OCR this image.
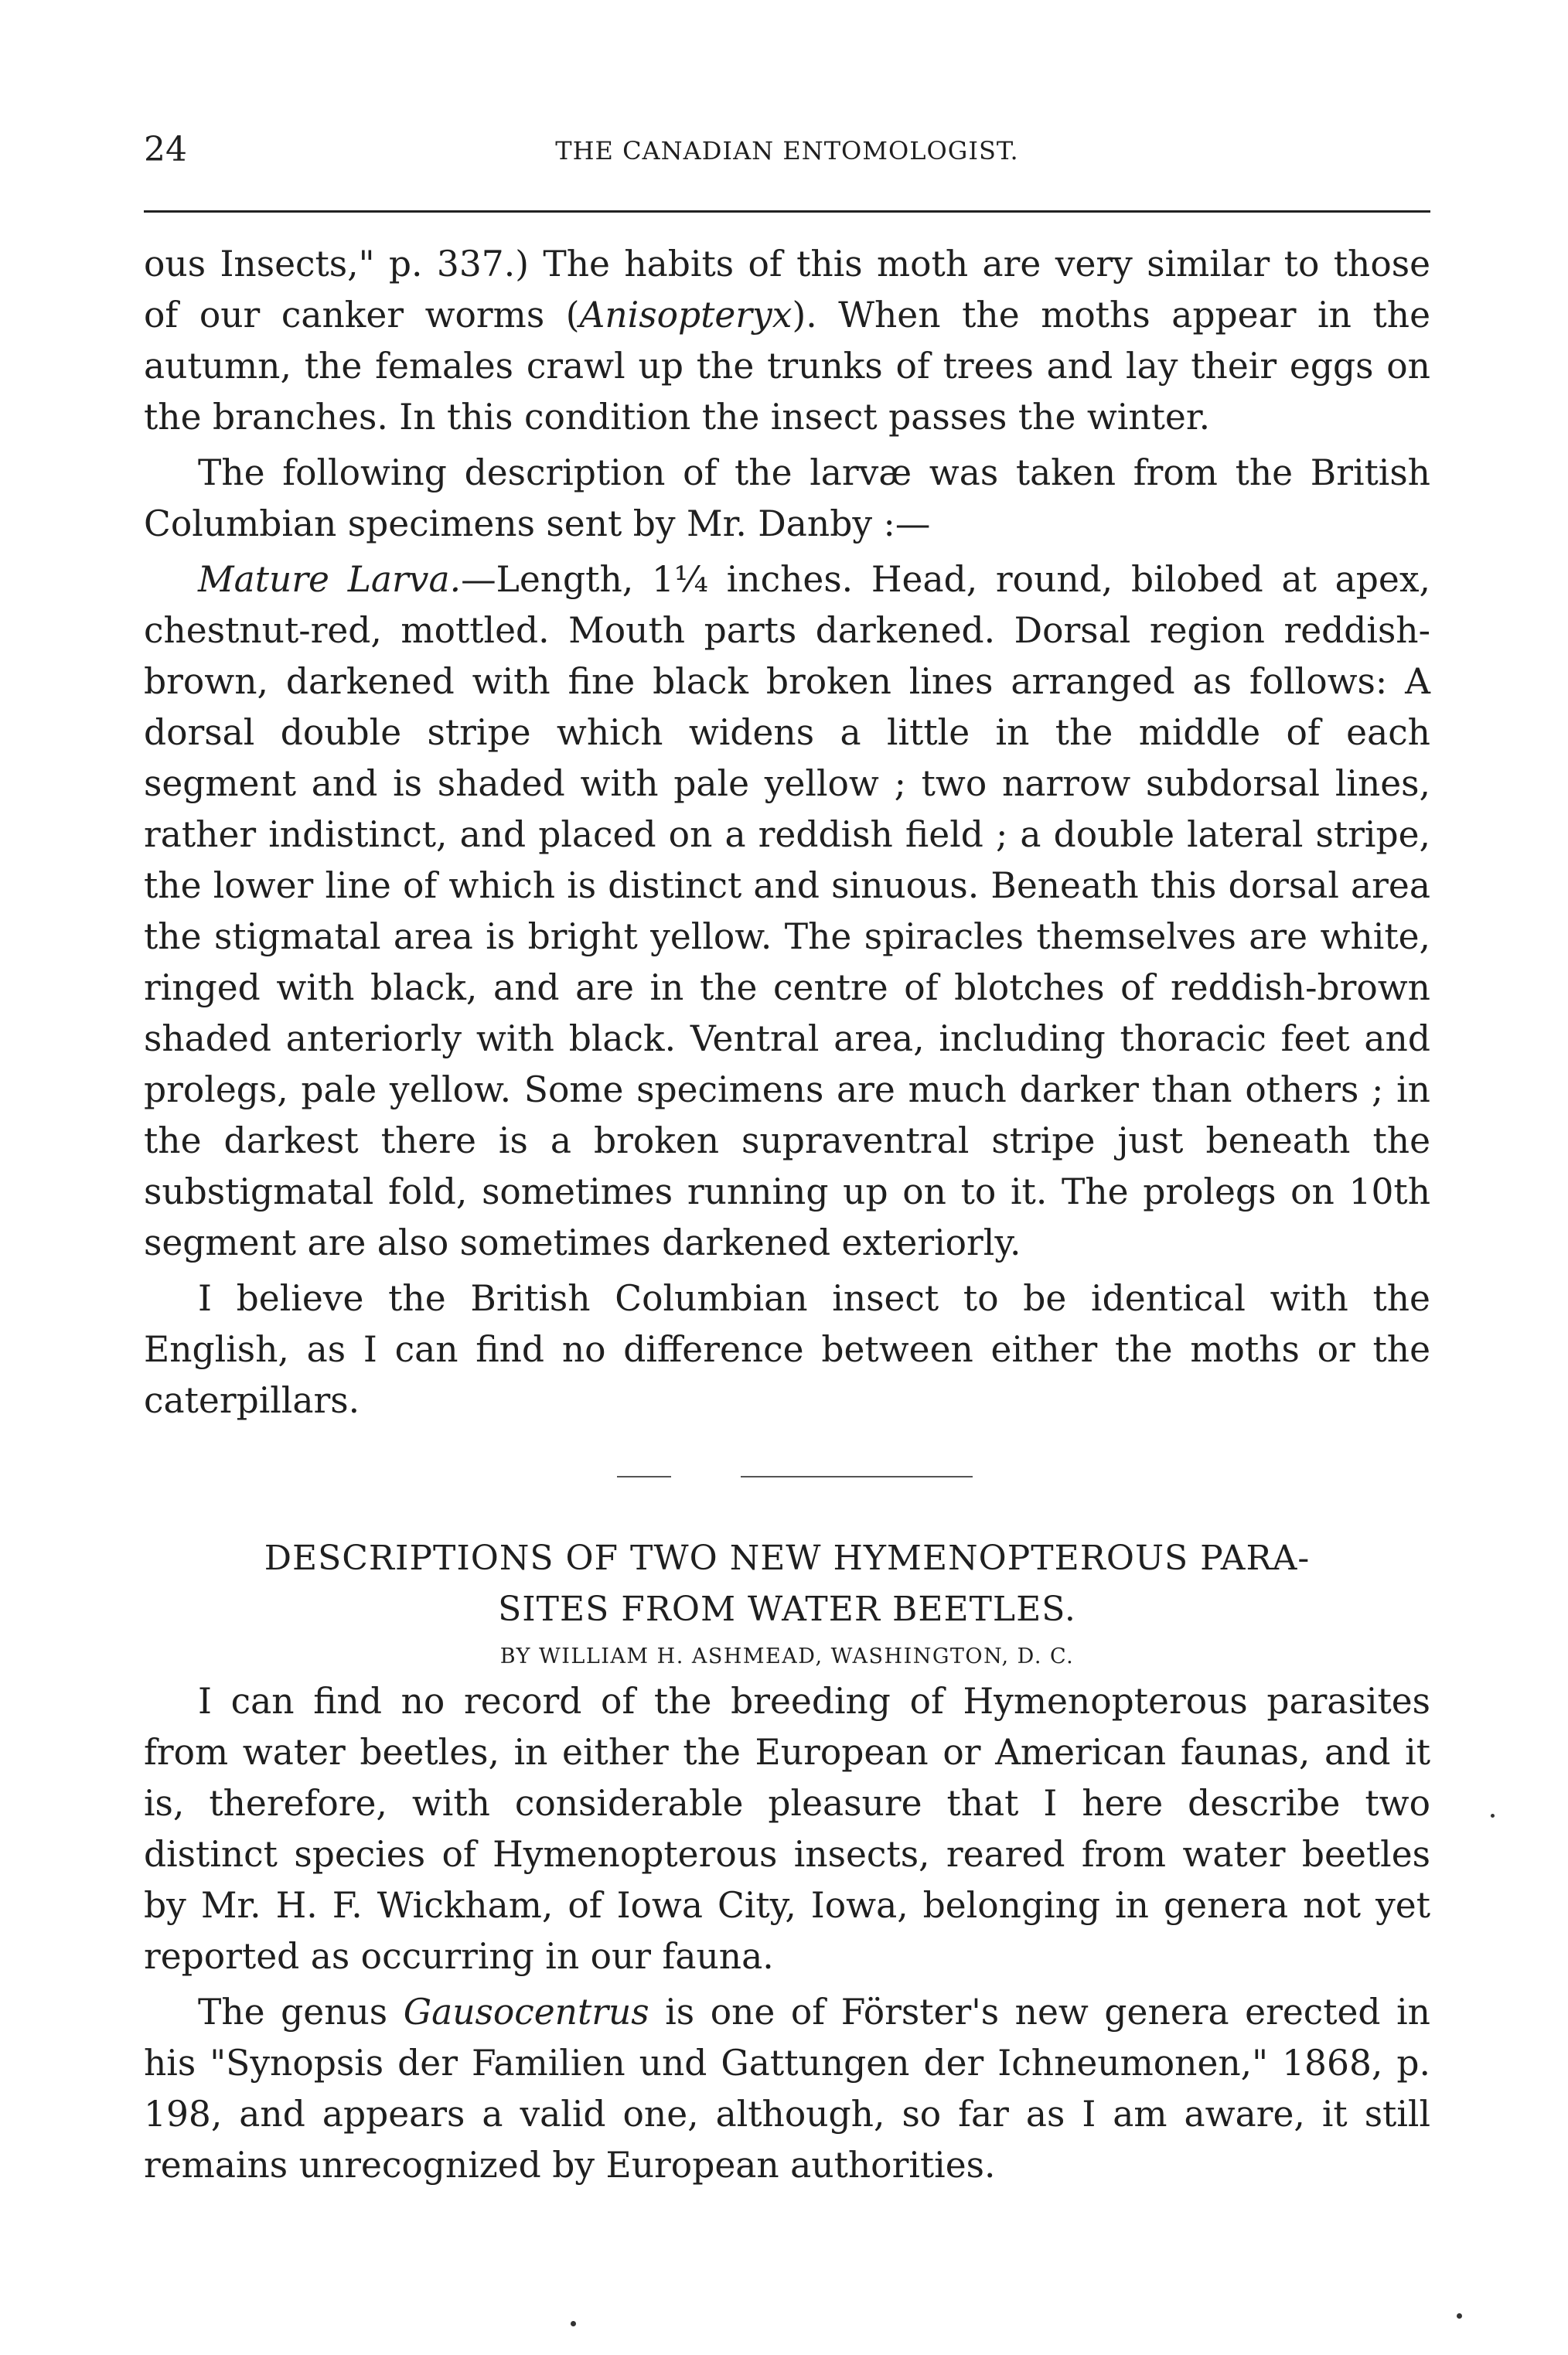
24	THE CANADIAN ENTOMOLOGIST.

ous Insects," p. 337.) The habits of this moth are very similar to those of our canker worms (Anisopteryx). When the moths appear in the autumn, the females crawl up the trunks of trees and lay their eggs on the branches. In this condition the insect passes the winter.

The following description of the larvæ was taken from the British Columbian specimens sent by Mr. Danby :—

Mature Larva.—Length, 1¼ inches. Head, round, bilobed at apex, chestnut-red, mottled. Mouth parts darkened. Dorsal region reddish-brown, darkened with fine black broken lines arranged as follows: A dorsal double stripe which widens a little in the middle of each segment and is shaded with pale yellow ; two narrow subdorsal lines, rather indistinct, and placed on a reddish field ; a double lateral stripe, the lower line of which is distinct and sinuous. Beneath this dorsal area the stigmatal area is bright yellow. The spiracles themselves are white, ringed with black, and are in the centre of blotches of reddish-brown shaded anteriorly with black. Ventral area, including thoracic feet and prolegs, pale yellow. Some specimens are much darker than others ; in the darkest there is a broken supraventral stripe just beneath the substigmatal fold, sometimes running up on to it. The prolegs on 10th segment are also sometimes darkened exteriorly.

I believe the British Columbian insect to be identical with the English, as I can find no difference between either the moths or the caterpillars.

DESCRIPTIONS OF TWO NEW HYMENOPTEROUS PARA-
SITES FROM WATER BEETLES.
BY WILLIAM H. ASHMEAD, WASHINGTON, D. C.

I can find no record of the breeding of Hymenopterous parasites from water beetles, in either the European or American faunas, and it is, therefore, with considerable pleasure that I here describe two distinct species of Hymenopterous insects, reared from water beetles by Mr. H. F. Wickham, of Iowa City, Iowa, belonging in genera not yet reported as occurring in our fauna.

The genus Gausocentrus is one of Förster's new genera erected in his "Synopsis der Familien und Gattungen der Ichneumonen," 1868, p. 198, and appears a valid one, although, so far as I am aware, it still remains unrecognized by European authorities.
